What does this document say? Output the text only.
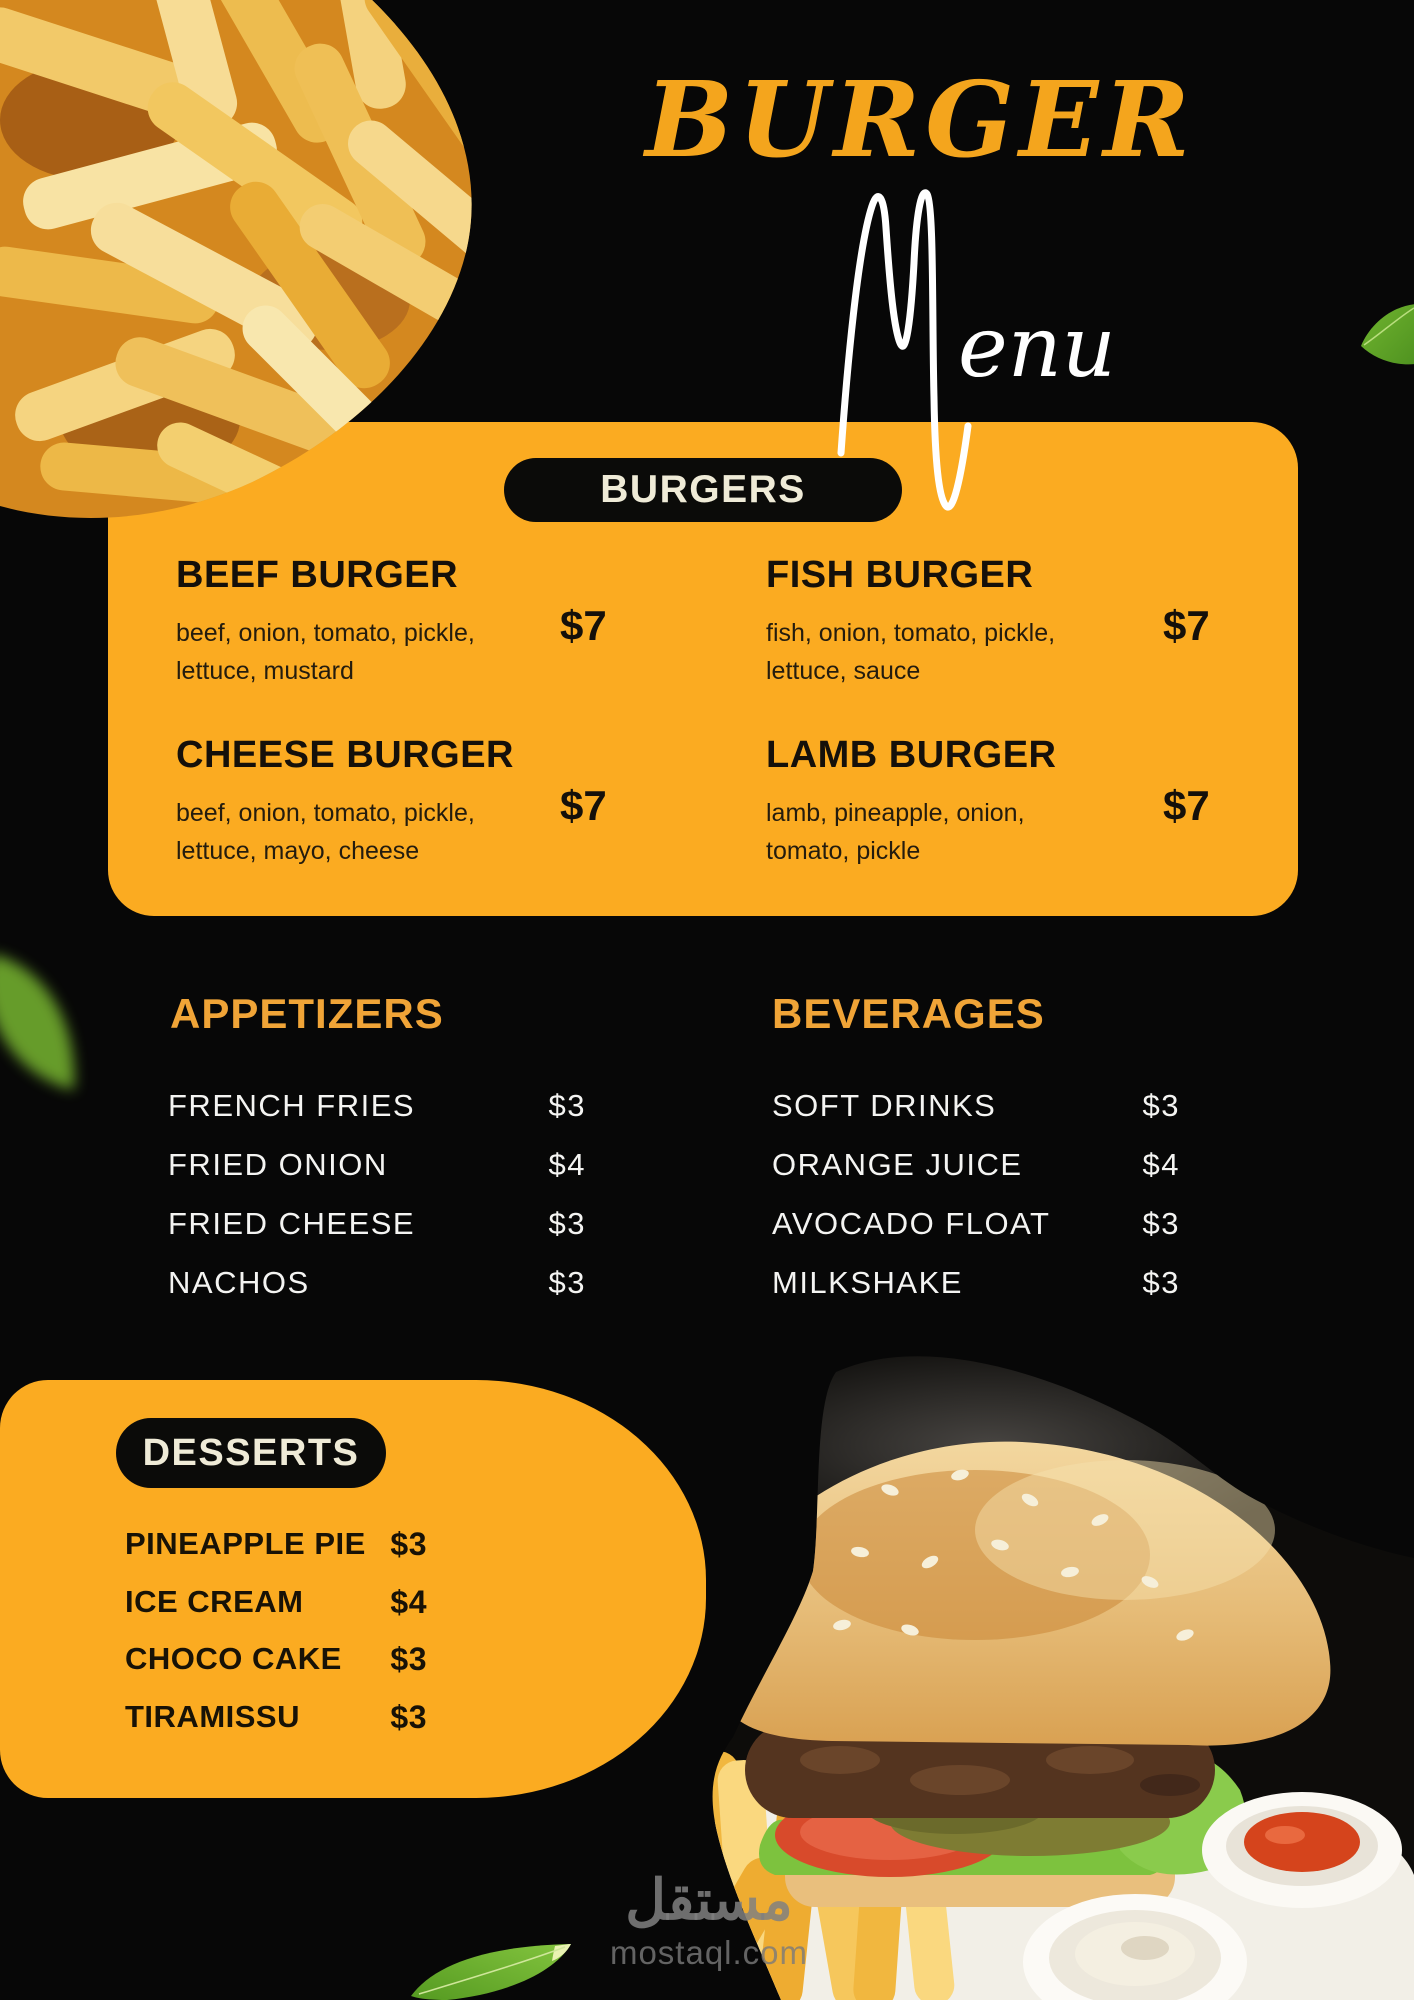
BURGER
enu
BURGERS
BEEF BURGER
beef, onion, tomato, pickle, lettuce, mustard
$7
FISH BURGER
fish, onion, tomato, pickle, lettuce, sauce
$7
CHEESE BURGER
beef, onion, tomato, pickle, lettuce, mayo, cheese
$7
LAMB BURGER
lamb, pineapple, onion, tomato, pickle
$7
APPETIZERS
FRENCH FRIES	$3
FRIED ONION	$4
FRIED CHEESE	$3
NACHOS	$3
BEVERAGES
SOFT DRINKS	$3
ORANGE JUICE	$4
AVOCADO FLOAT	$3
MILKSHAKE	$3
DESSERTS
PINEAPPLE PIE $3
ICE CREAM	$4
CHOCO CAKE $3
TIRAMISSU	$3
مستقل
mostaql.com
